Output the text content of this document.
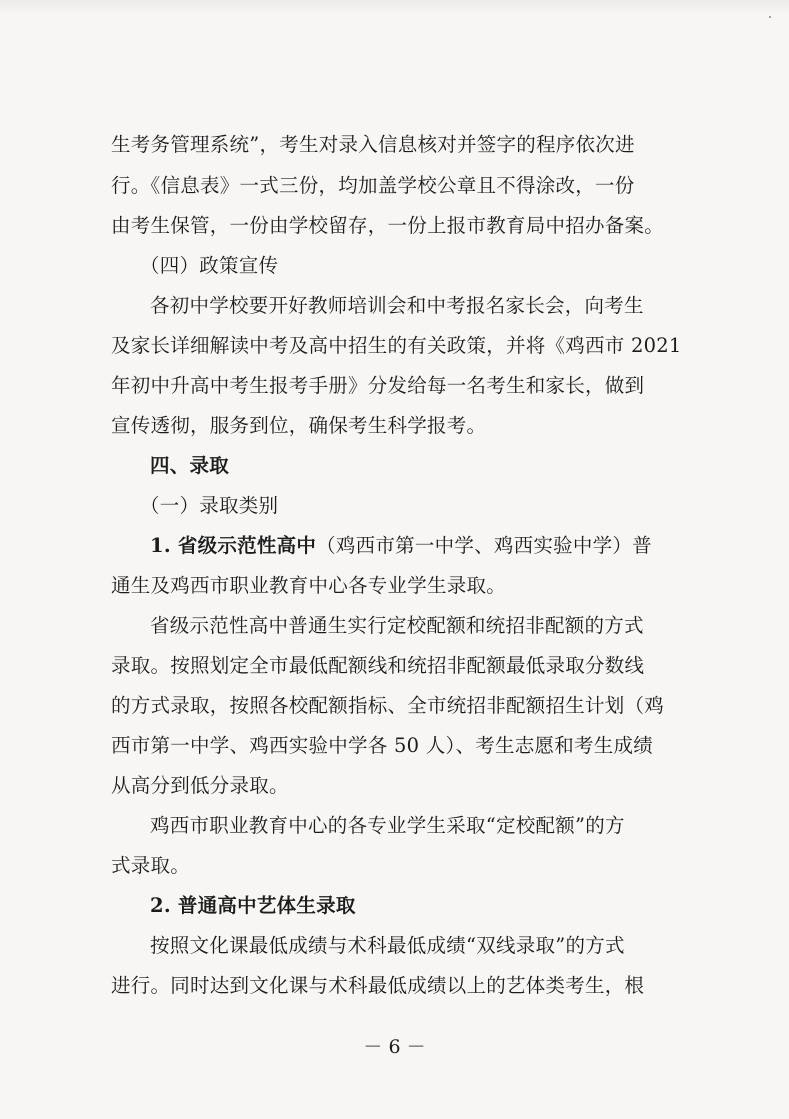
生考务管理系统”，考生对录入信息核对并签字的程序依次进
行。《信息表》一式三份，均加盖学校公章且不得涂改，一份
由考生保管，一份由学校留存，一份上报市教育局中招办备案。
（四）政策宣传
各初中学校要开好教师培训会和中考报名家长会，向考生
及家长详细解读中考及高中招生的有关政策，并将《鸡西市 2021
年初中升高中考生报考手册》分发给每一名考生和家长，做到
宣传透彻，服务到位，确保考生科学报考。
四、录取
（一）录取类别
1. 省级示范性高中（鸡西市第一中学、鸡西实验中学）普
通生及鸡西市职业教育中心各专业学生录取。
省级示范性高中普通生实行定校配额和统招非配额的方式
录取。按照划定全市最低配额线和统招非配额最低录取分数线
的方式录取，按照各校配额指标、全市统招非配额招生计划（鸡
西市第一中学、鸡西实验中学各 50 人）、考生志愿和考生成绩
从高分到低分录取。
鸡西市职业教育中心的各专业学生采取“定校配额”的方
式录取。
2. 普通高中艺体生录取
按照文化课最低成绩与术科最低成绩“双线录取”的方式
进行。同时达到文化课与术科最低成绩以上的艺体类考生，根
－ 6 －
